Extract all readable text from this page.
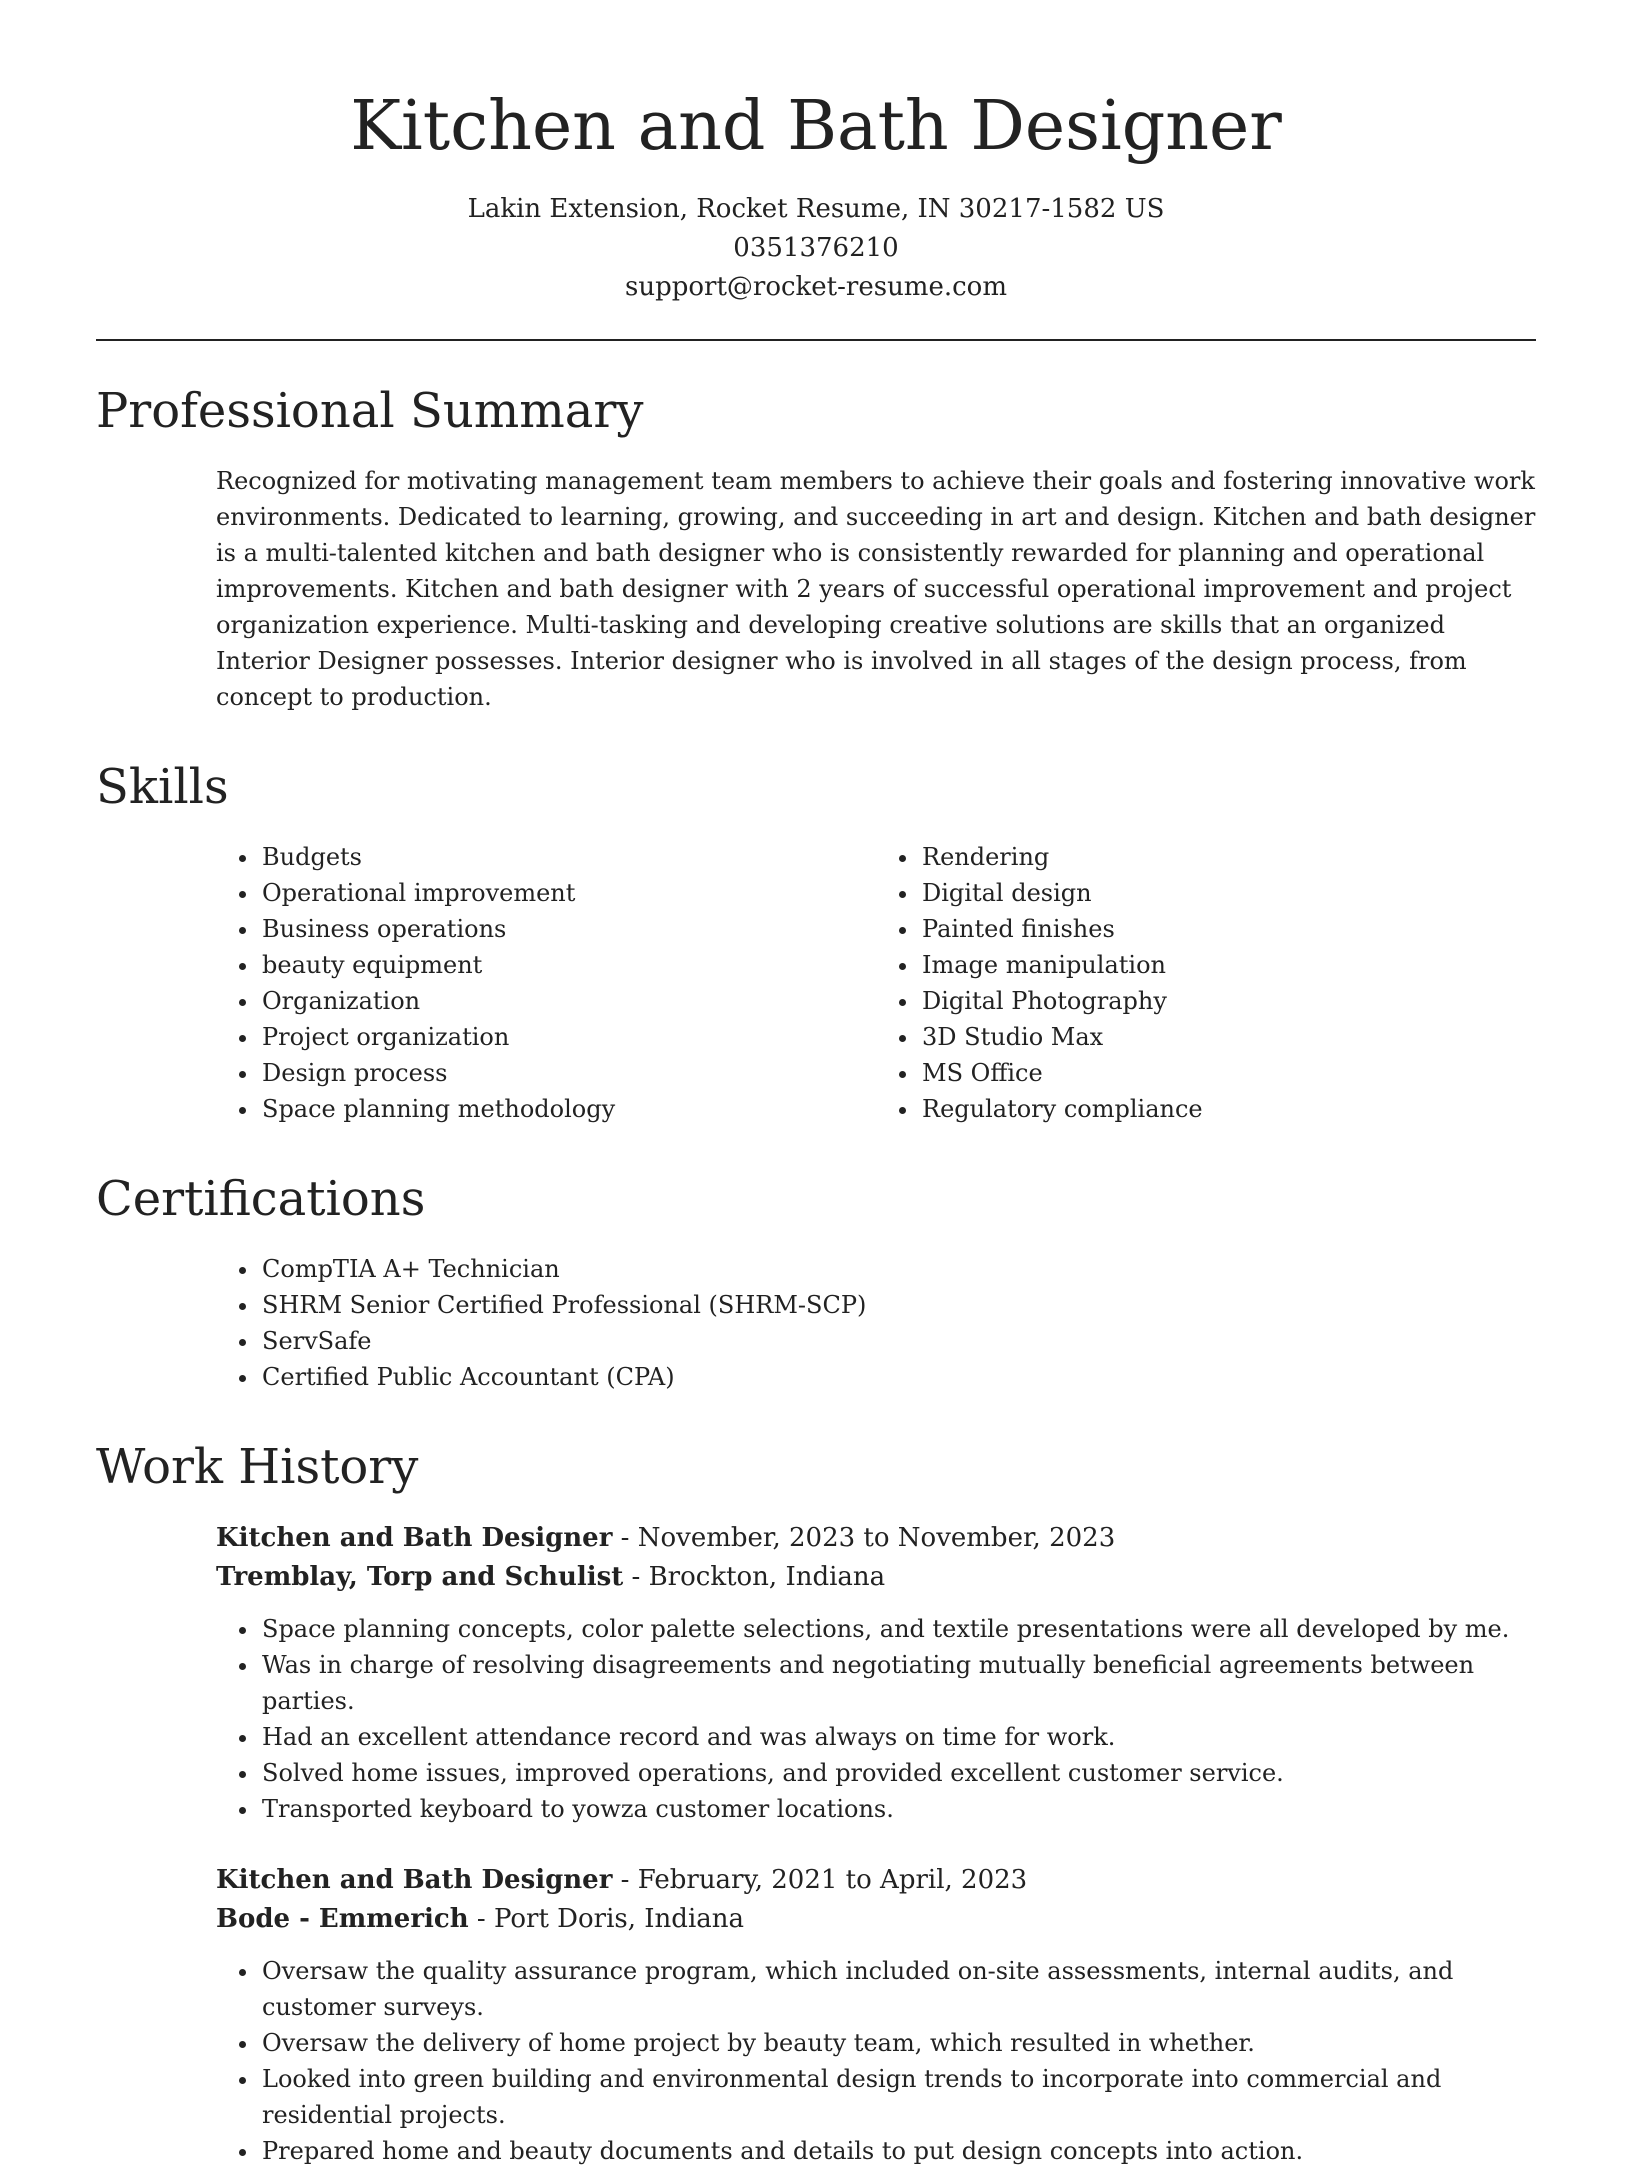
Kitchen and Bath Designer
Lakin Extension, Rocket Resume, IN 30217-1582 US
0351376210
support@rocket-resume.com
Professional Summary

Recognized for motivating management team members to achieve their goals and fostering innovative work environments. Dedicated to learning, growing, and succeeding in art and design. Kitchen and bath designer is a multi-talented kitchen and bath designer who is consistently rewarded for planning and operational improvements. Kitchen and bath designer with 2 years of successful operational improvement and project organization experience. Multi-tasking and developing creative solutions are skills that an organized Interior Designer possesses. Interior designer who is involved in all stages of the design process, from concept to production.

Skills
• Budgets
• Operational improvement
• Business operations
• beauty equipment
• Organization
• Project organization
• Design process
• Space planning methodology
• Rendering
• Digital design
• Painted finishes
• Image manipulation
• Digital Photography
• 3D Studio Max
• MS Office
• Regulatory compliance
Certifications
• CompTIA A+ Technician
• SHRM Senior Certified Professional (SHRM-SCP)
• ServSafe
• Certified Public Accountant (CPA)
Work History
Kitchen and Bath Designer - November, 2023 to November, 2023
Tremblay, Torp and Schulist - Brockton, Indiana
• Space planning concepts, color palette selections, and textile presentations were all developed by me.
• Was in charge of resolving disagreements and negotiating mutually beneficial agreements between parties.
• Had an excellent attendance record and was always on time for work.
• Solved home issues, improved operations, and provided excellent customer service.
• Transported keyboard to yowza customer locations.
Kitchen and Bath Designer - February, 2021 to April, 2023
Bode - Emmerich - Port Doris, Indiana
• Oversaw the quality assurance program, which included on-site assessments, internal audits, and customer surveys.
• Oversaw the delivery of home project by beauty team, which resulted in whether.
• Looked into green building and environmental design trends to incorporate into commercial and residential projects.
• Prepared home and beauty documents and details to put design concepts into action.
